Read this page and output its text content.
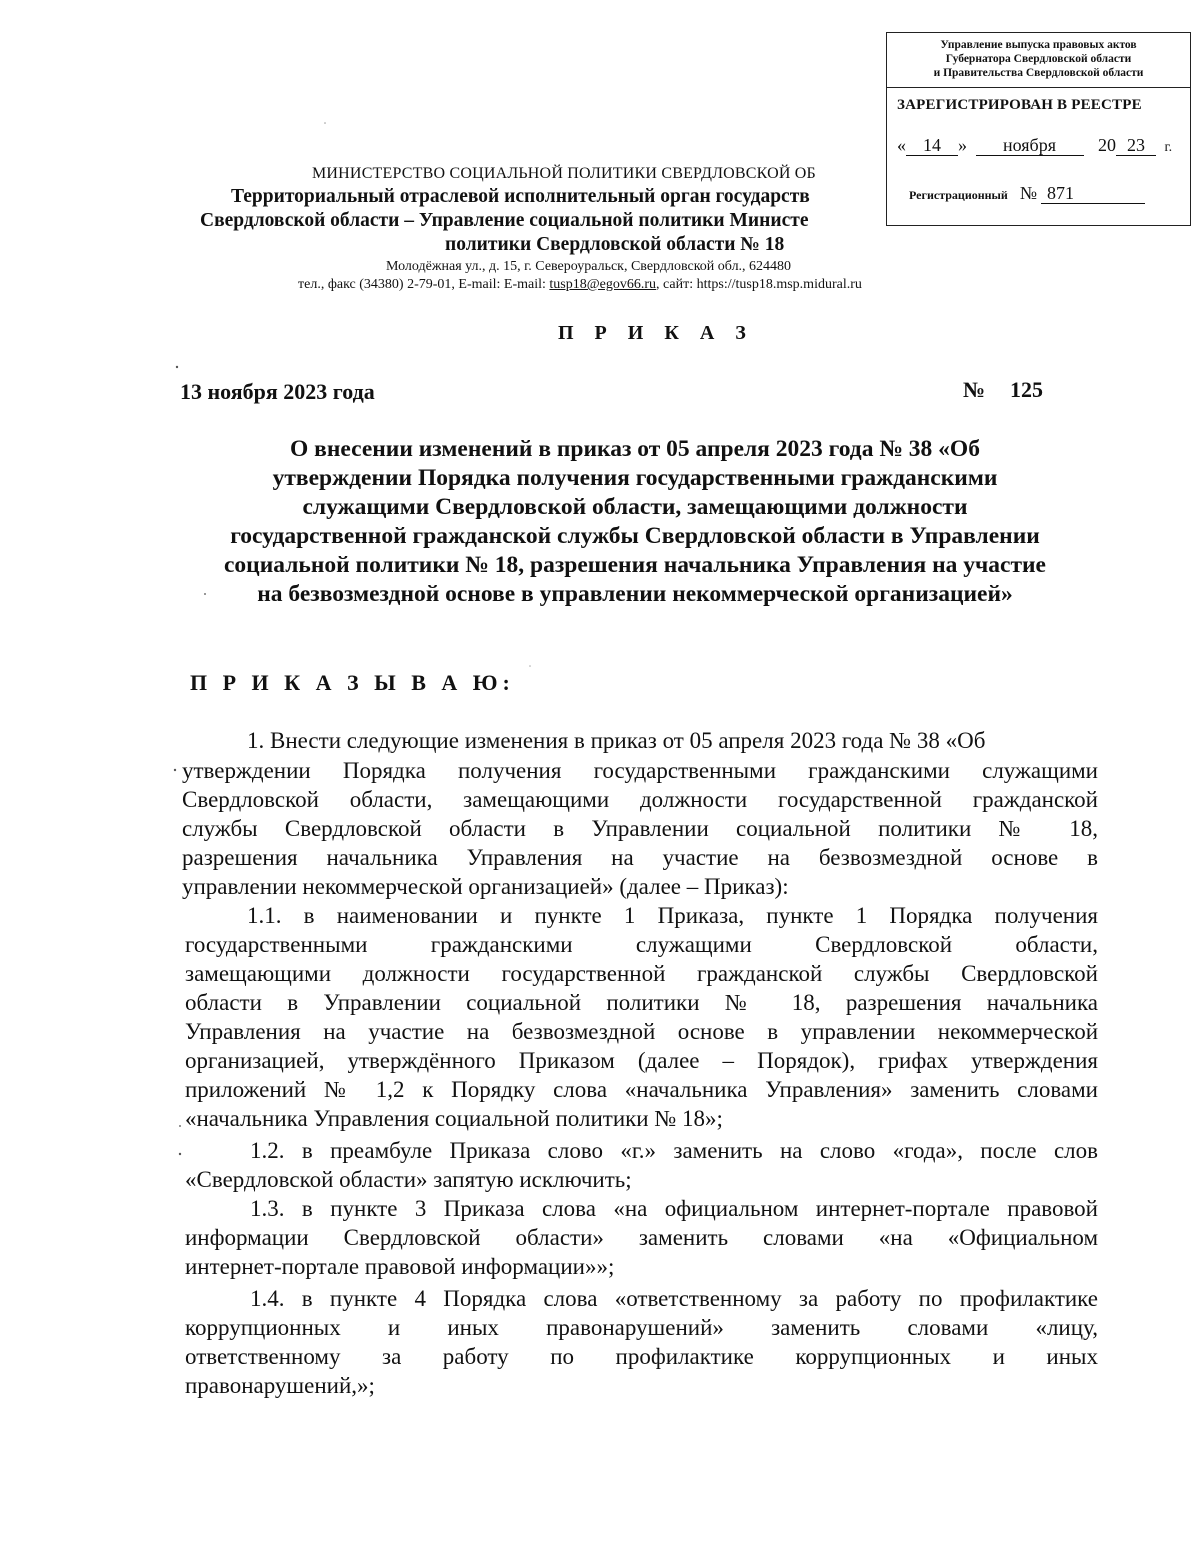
Управление выпуска правовых актов
Губернатора Свердловской области
и Правительства Свердловской области
ЗАРЕГИСТРИРОВАН В РЕЕСТРЕ
« 14 » ноября 20 23 г.
Регистрационный № 871
МИНИСТЕРСТВО СОЦИАЛЬНОЙ ПОЛИТИКИ СВЕРДЛОВСКОЙ ОБ
Территориальный отраслевой исполнительный орган государств
Свердловской области – Управление социальной политики Министе
политики Свердловской области № 18
Молодёжная ул., д. 15, г. Североуральск, Свердловской обл., 624480
тел., факс (34380) 2-79-01, E-mail: E-mail: tusp18@egov66.ru, сайт: https://tusp18.msp.midural.ru
П Р И К А З
13 ноября 2023 года	№ 125
О внесении изменений в приказ от 05 апреля 2023 года № 38 «Об
утверждении Порядка получения государственными гражданскими
служащими Свердловской области, замещающими должности
государственной гражданской службы Свердловской области в Управлении
социальной политики № 18, разрешения начальника Управления на участие
на безвозмездной основе в управлении некоммерческой организацией»
П Р И К А З Ы В А Ю:
1. Внести следующие изменения в приказ от 05 апреля 2023 года № 38 «Об
утверждении Порядка получения государственными гражданскими служащими
Свердловской области, замещающими должности государственной гражданской
службы Свердловской области в Управлении социальной политики № 18,
разрешения начальника Управления на участие на безвозмездной основе в
управлении некоммерческой организацией» (далее – Приказ):
1.1. в наименовании и пункте 1 Приказа, пункте 1 Порядка получения
государственными гражданскими служащими Свердловской области,
замещающими должности государственной гражданской службы Свердловской
области в Управлении социальной политики № 18, разрешения начальника
Управления на участие на безвозмездной основе в управлении некоммерческой
организацией, утверждённого Приказом (далее – Порядок), грифах утверждения
приложений № 1,2 к Порядку слова «начальника Управления» заменить словами
«начальника Управления социальной политики № 18»;
1.2. в преамбуле Приказа слово «г.» заменить на слово «года», после слов
«Свердловской области» запятую исключить;
1.3. в пункте 3 Приказа слова «на официальном интернет-портале правовой
информации Свердловской области» заменить словами «на «Официальном
интернет-портале правовой информации»»;
1.4. в пункте 4 Порядка слова «ответственному за работу по профилактике
коррупционных и иных правонарушений» заменить словами «лицу,
ответственному за работу по профилактике коррупционных и иных
правонарушений,»;
